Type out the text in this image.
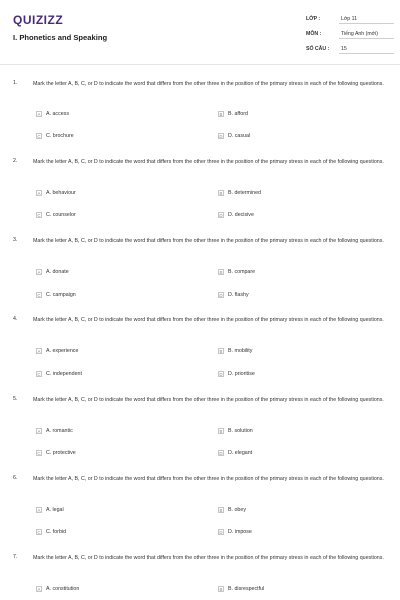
QUIZIZZ
I. Phonetics and Speaking
LỚP :	Lớp 11
MÔN :	Tiếng Anh (mới)
SỐ CÂU : 15
1.	Mark the letter A, B, C, or D to indicate the word that differs from the other three in the position of the primary stress in each of the following questions.
A A. access	B B. afford
C C. brochure	D D. casual
2.	Mark the letter A, B, C, or D to indicate the word that differs from the other three in the position of the primary stress in each of the following questions.
A A. behaviour	B B. determined
C C. counselor	D D. decisive
3.	Mark the letter A, B, C, or D to indicate the word that differs from the other three in the position of the primary stress in each of the following questions.
A A. donate	B B. compare
C C. campaign	D D. flashy
4.	Mark the letter A, B, C, or D to indicate the word that differs from the other three in the position of the primary stress in each of the following questions.
A A. experience	B B. mobility
C C. independent	D D. prioritise
5.	Mark the letter A, B, C, or D to indicate the word that differs from the other three in the position of the primary stress in each of the following questions.
A A. romantic	B B. solution
C C. protective	D D. elegant
6.	Mark the letter A, B, C, or D to indicate the word that differs from the other three in the position of the primary stress in each of the following questions.
A A. legal	B B. obey
C C. forbid	D D. impose
7.	Mark the letter A, B, C, or D to indicate the word that differs from the other three in the position of the primary stress in each of the following questions.
A A. constitution	B B. disrespectful
